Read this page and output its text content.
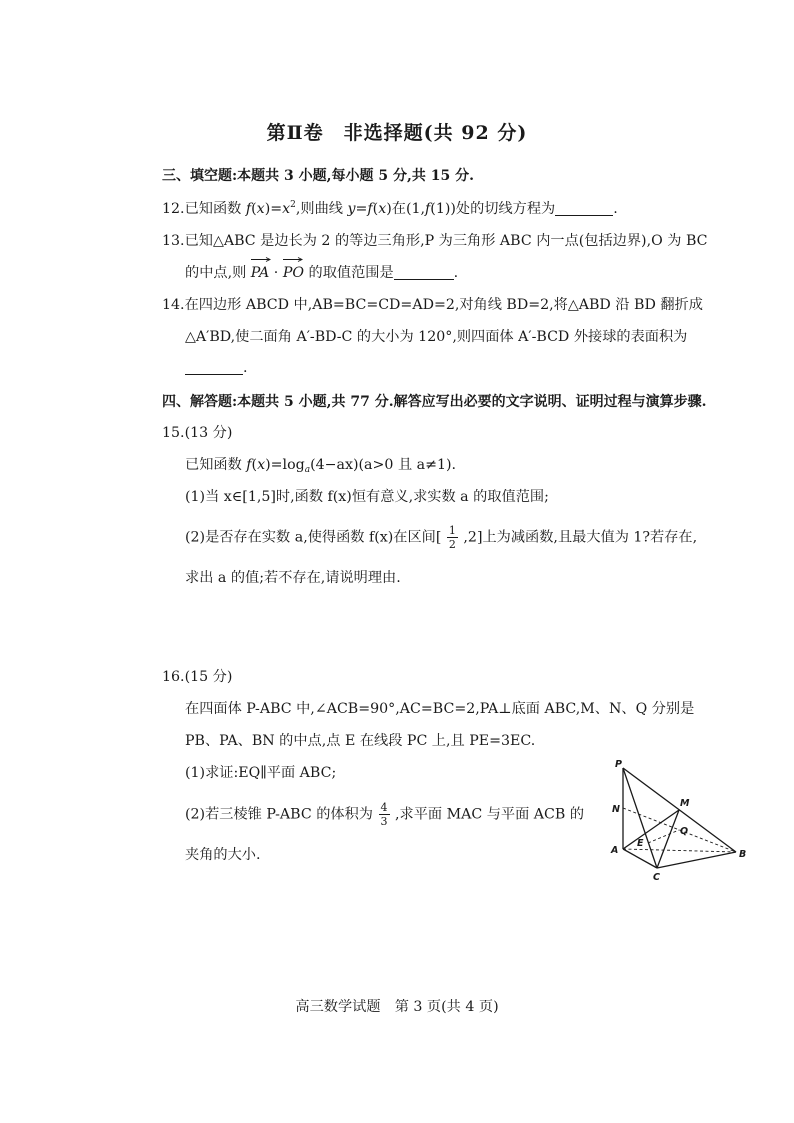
第Ⅱ卷　非选择题(共 92 分)
三、填空题:本题共 3 小题,每小题 5 分,共 15 分.
12.已知函数 $f(x)=x^2$,则曲线 y=f(x)在(1,f(1))处的切线方程为	.
13.已知△ABC 是边长为 2 的等边三角形,P 为三角形 ABC 内一点(包括边界),O 为 BC
的中点,则 PA ·
PO 的取值范围是	.
14.在四边形 ABCD 中,AB=BC=CD=AD=2,对角线 BD=2,将△ABD 沿 BD 翻折成
△A′BD,使二面角 A′-BD-C 的大小为 120°,则四面体 A′-BCD 外接球的表面积为
.
四、解答题:本题共 5 小题,共 77 分.解答应写出必要的文字说明、证明过程与演算步骤.
15.(13 分)
已知函数 $f(x)=\log_a(4-ax)(a>0$ 且 a≠1).
(1)当 x∈[1,5]时,函数 f(x)恒有意义,求实数 a 的取值范围;
(2)是否存在实数 a,使得函数 f(x)在区间[ $\frac{1}{2} ,2$]上为减函数,且最大值为 1?若存在,
求出 a 的值;若不存在,请说明理由.
16.(15 分)
在四面体 P-ABC 中,∠ACB=90°,AC=BC=2,PA⊥底面 ABC,M、N、Q 分别是
PB、PA、BN 的中点,点 E 在线段 PC 上,且 PE=3EC.
(1)求证:EQ∥平面 ABC;
(2)若三棱锥 P-ABC 的体积为 $\frac{4}{3}$ ,求平面 MAC 与平面 ACB 的
夹角的大小.
P
N
A
E
Q
M
B
C
高三数学试题　第 3 页(共 4 页)
